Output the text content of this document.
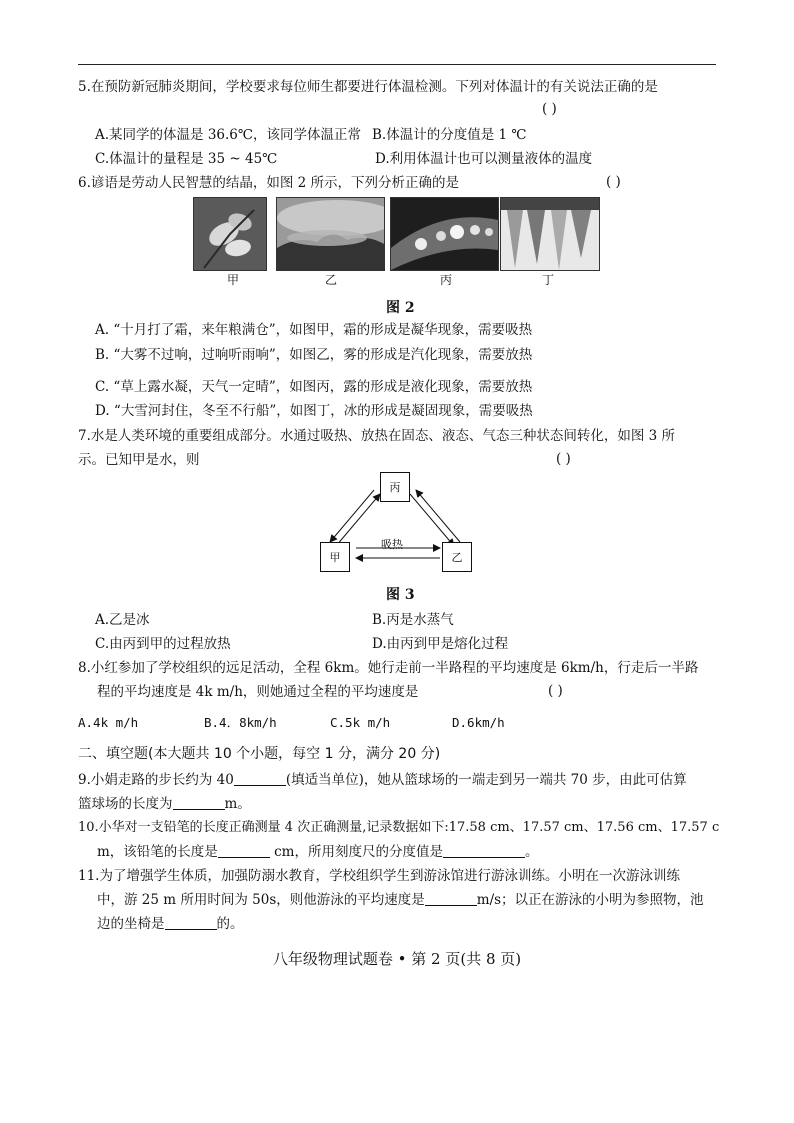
5.在预防新冠肺炎期间，学校要求每位师生都要进行体温检测。下列对体温计的有关说法正确的是
( )
A.某同学的体温是 36.6℃，该同学体温正常 B.体温计的分度值是 1 ℃
C.体温计的量程是 35 ~ 45℃	D.利用体温计也可以测量液体的温度
6.谚语是劳动人民智慧的结晶，如图 2 所示，下列分析正确的是	( )
甲	乙	丙	丁
图 2
A. “十月打了霜，来年粮满仓”，如图甲，霜的形成是凝华现象，需要吸热
B. “大雾不过响，过响听雨响”，如图乙，雾的形成是汽化现象，需要放热
C. “草上露水凝，天气一定晴”，如图丙，露的形成是液化现象，需要放热
D. “大雪河封住，冬至不行船”，如图丁，冰的形成是凝固现象，需要吸热
7.水是人类环境的重要组成部分。水通过吸热、放热在固态、液态、气态三种状态间转化，如图 3 所
示。已知甲是水，则	( )
丙
甲	乙
吸热
图 3
A.乙是冰	B.丙是水蒸气
C.由丙到甲的过程放热	D.由丙到甲是熔化过程
8.小红参加了学校组织的远足活动，全程 6km。她行走前一半路程的平均速度是 6km/h，行走后一半路
程的平均速度是 4k m/h，则她通过全程的平均速度是	( )
A.4k m/h	B.4．8km/h	C.5k m/h	D.6km/h
二、填空题(本大题共 10 个小题，每空 1 分，满分 20 分)
9.小娟走路的步长约为 40	(填适当单位)，她从篮球场的一端走到另一端共 70 步，由此可估算
篮球场的长度为	m。
10.小华对一支铅笔的长度正确测量 4 次正确测量,记录数据如下:17.58 cm、17.57 cm、17.56 cm、17.57 c
m，该铅笔的长度是	cm，所用刻度尺的分度值是	。
11.为了增强学生体质，加强防溺水教育，学校组织学生到游泳馆进行游泳训练。小明在一次游泳训练
中，游 25 m 所用时间为 50s，则他游泳的平均速度是	m/s；以正在游泳的小明为参照物，池
边的坐椅是	的。
八年级物理试题卷 • 第 2 页(共 8 页)
